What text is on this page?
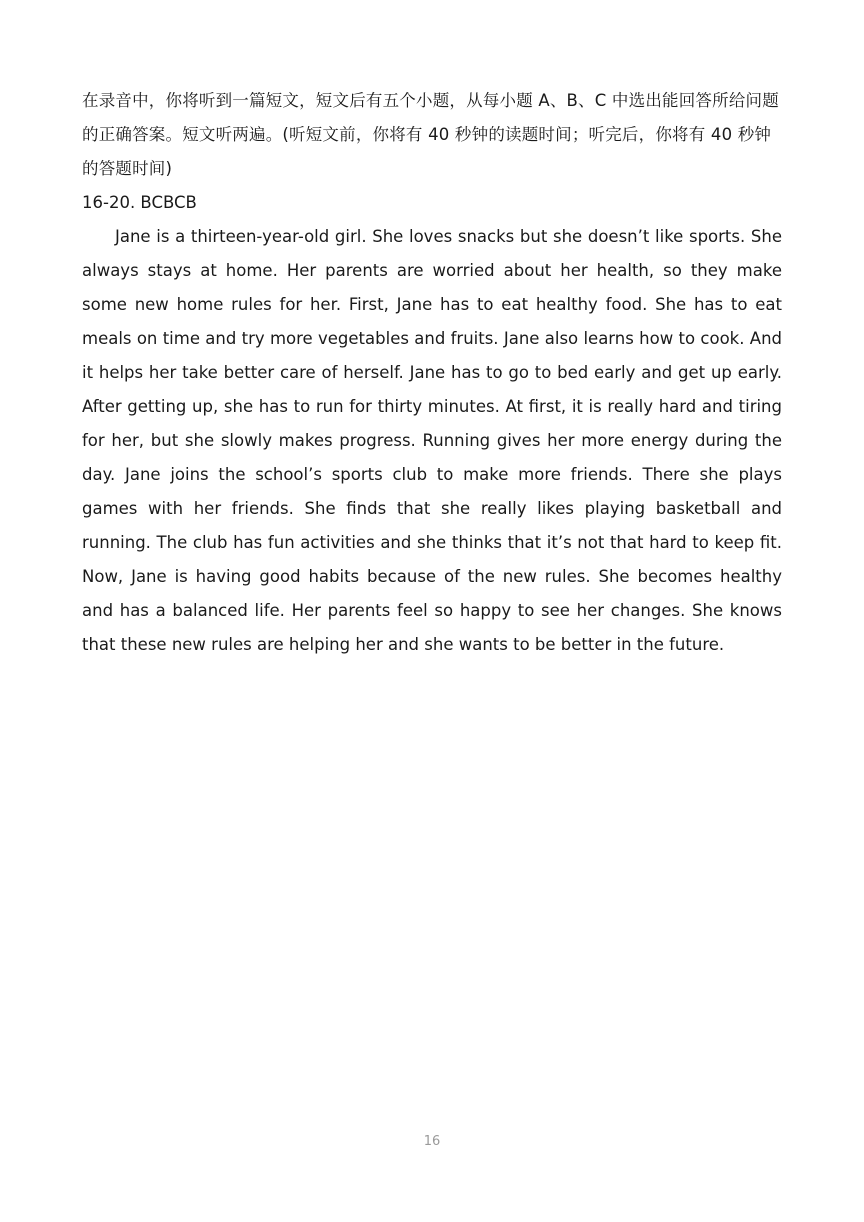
在录音中，你将听到一篇短文，短文后有五个小题，从每小题 A、B、C 中选出能回答所给问题的正确答案。短文听两遍。(听短文前，你将有 40 秒钟的读题时间；听完后，你将有 40 秒钟的答题时间)

16-20. BCBCB

Jane is a thirteen-year-old girl. She loves snacks but she doesn’t like sports. She always stays at home. Her parents are worried about her health, so they make some new home rules for her. First, Jane has to eat healthy food. She has to eat meals on time and try more vegetables and fruits. Jane also learns how to cook. And it helps her take better care of herself. Jane has to go to bed early and get up early. After getting up, she has to run for thirty minutes. At first, it is really hard and tiring for her, but she slowly makes progress. Running gives her more energy during the day. Jane joins the school’s sports club to make more friends. There she plays games with her friends. She finds that she really likes playing basketball and running. The club has fun activities and she thinks that it’s not that hard to keep fit. Now, Jane is having good habits because of the new rules. She becomes healthy and has a balanced life. Her parents feel so happy to see her changes. She knows that these new rules are helping her and she wants to be better in the future.

16
